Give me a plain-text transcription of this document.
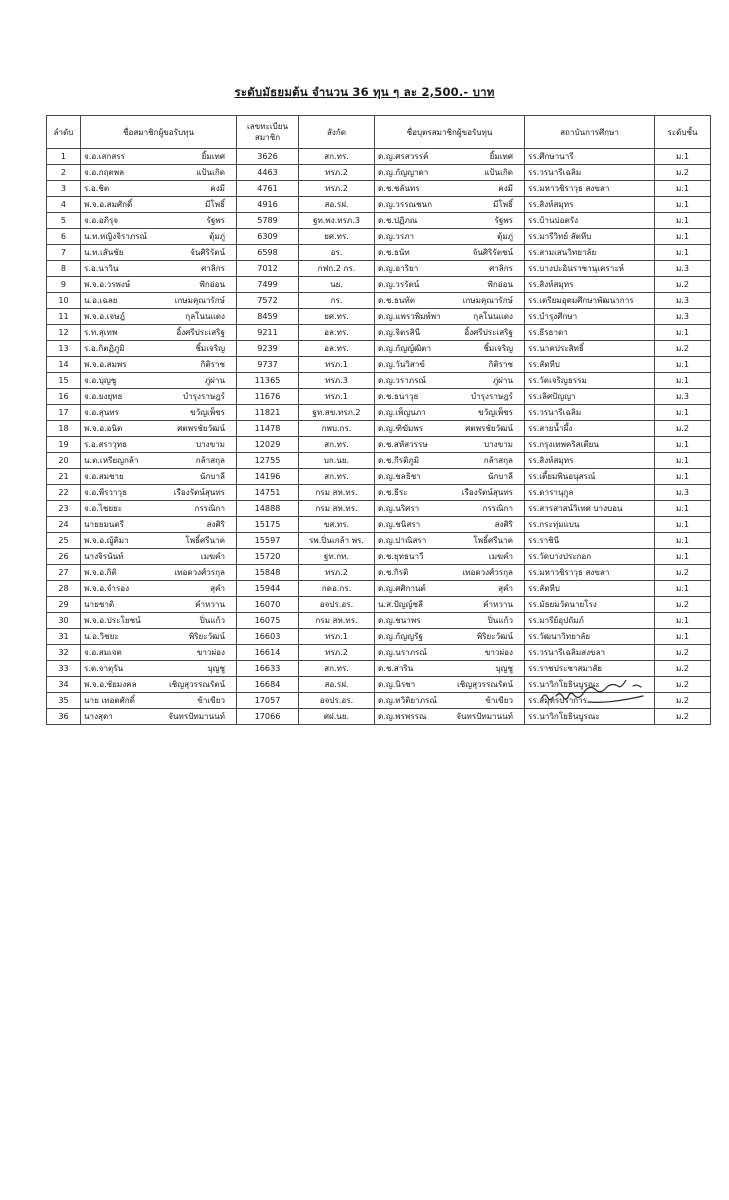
ระดับมัธยมต้น จำนวน 36 ทุน ๆ ละ 2,500.- บาท
ลำดับ	ชื่อสมาชิกผู้ขอรับทุน	เลขทะเบียนสมาชิก	สังกัด	ชื่อบุตรสมาชิกผู้ขอรับทุน	สถาบันการศึกษา	ระดับชั้น
1	จ.อ.เสกสรร ยิ้มเทศ	3626	สก.ทร.	ด.ญ.ศรสวรรค์ ยิ้มเทศ	รร.ศึกษานารี	ม.1
2	จ.อ.กฤตพล แป้นเกิด	4463	ทรภ.2	ด.ญ.กัญญาดา แป้นเกิด	รร.วรนารีเฉลิม	ม.2
3	ร.อ.ชิต คงมี	4761	ทรภ.2	ด.ช.ชลันทร คงมี	รร.มหาวชิราวุธ สงขลา	ม.1
4	พ.จ.อ.สมศักดิ์ มีโพธิ์	4916	สอ.รฝ.	ด.ญ.วรรณชนก มีโพธิ์	รร.สิงห์สมุทร	ม.1
5	จ.อ.อภิรุจ รัฐพร	5789	ฐท.พง.ทรภ.3	ด.ช.ปฏิภณ รัฐพร	รร.บ้านบ่อตรัง	ม.1
6	น.ท.หญิงจิราภรณ์ ตุ้มภู่	6309	ยศ.ทร.	ด.ญ.วรภา ตุ้มภู่	รร.มารีวิทย์ สัตหีบ	ม.1
7	น.ท.เสันชัย จันศิริรัตน์	6598	อร.	ด.ช.ธนัท จันศิริรัตชน์	รร.สามเสนวิทยาลัย	ม.1
8	ร.อ.นาวิน ศาลิกร	7012	กฟก.2 กร.	ด.ญ.อาริยา ศาลิกร	รร.บางปะอินราชานุเคราะห์	ม.3
9	พ.จ.อ.วรพงษ์ ฟักอ่อน	7499	นย.	ด.ญ.วรรัตน์ ฟักอ่อน	รร.สิงห์สมุทร	ม.2
10	น.อ.เฉลย เกษมคุณารักษ์	7572	กร.	ด.ช.ธนทัต เกษมคุณารักษ์	รร.เตรียมอุดมศึกษาพัฒนาการ	ม.3
11	พ.จ.อ.เจษฎ์ กุลโนนแดง	8459	ยศ.ทร.	ด.ญ.แพรวพิมพ์พา กุลโนนแดง	รร.บำรุงศึกษา	ม.3
12	ร.ท.สุเทพ อิ้งศรีประเสริฐ	9211	อล.ทร.	ด.ญ.จิตรสินี อิ้งศรีประเสริฐ	รร.ธีรธาดา	ม.1
13	ร.อ.กิตฏิภูมิ ชิ้มเจริญ	9239	อล.ทร.	ด.ญ.กัญญ์ฒิตา ชิ้มเจริญ	รร.นาคประสิทธิ์	ม.2
14	พ.จ.อ.สมพร กิติราช	9737	ทรภ.1	ด.ญ.วันวิสาข์ กิติราช	รร.สัตหีบ	ม.1
15	จ.อ.บุญชู ภู่ผ่าน	11365	ทรภ.3	ด.ญ.วราภรณ์ ภู่ผ่าน	รร.วัดเจริญธรรม	ม.1
16	จ.อ.ยงยุทธ บำรุงราษฎร์	11676	ทรภ.1	ด.ช.ธนาวุธ บำรุงราษฎร์	รร.เลิศปัญญา	ม.3
17	จ.อ.สุนทร ขวัญเพ็ชร	11821	ฐท.สข.ทรภ.2	ด.ญ.เพ็ญนภา ขวัญเพ็ชร	รร.วรนารีเฉลิม	ม.1
18	พ.จ.อ.อนิต ศตพรชัยวัฒน์	11478	กพบ.กร.	ด.ญ.ฑิฆัมพร ศตพรชัยวัฒน์	รร.สายน้ำผึ้ง	ม.2
19	ร.อ.สราวุทธ บางขาม	12029	สก.ทร.	ด.ช.สหัสวรรษ บางขาม	รร.กรุงเทพคริสเตียน	ม.1
20	น.ต.เหรียญกล้า กล้าสกุล	12755	บก.นย.	ด.ช.กีรติภูมิ กล้าสกุล	รร.สิงห์สมุทร	ม.1
21	จ.อ.สมชาย นักบาลี	14196	สก.ทร.	ด.ญ.ชลธิชา นักบาลี	รร.เตี้ยมพินอนุสรณ์	ม.1
22	จ.อ.พีรวาวุธ เรืองรัตน์สุนทร	14751	กรม สห.ทร.	ด.ช.ธีระ เรืองรัตน์สุนทร	รร.ดารานุกูล	ม.3
23	จ.อ.ไชยยะ กรรณิกา	14888	กรม สห.ทร.	ด.ญ.นริศรา กรรณิกา	รร.สารสาสน์วิเทศ บางบอน	ม.1
24	นายยมนตรี สงศิริ	15175	ขส.ทร.	ด.ญ.ชนิสรา สงศิริ	รร.กระทุ่มแบน	ม.1
25	พ.จ.อ.ญู้ติมา โพธิ์ศรีนาค	15597	รพ.ปิ่นเกล้า พร.	ด.ญ.ปาณิสรา โพธิ์ศรีนาค	รร.ราชินี	ม.1
26	นางจิรนันท์ เมฆคำ	15720	ฐท.กท.	ด.ช.ยุทธนาวี เมฆคำ	รร.วัดบางประกอก	ม.1
27	พ.จ.อ.กิติ เทอดวงศ์วรกุล	15848	ทรภ.2	ด.ช.กิรติ เทอดวงศ์วรกุล	รร.มหาวชิราวุธ สงขลา	ม.2
28	พ.จ.อ.จำรอง สุคำ	15944	กตอ.กร.	ด.ญ.ศศิกานต์ สุคำ	รร.สัตหีบ	ม.1
29	นายชาติ คำหวาน	16070	อจปร.อร.	น.ส.ปัญญ์ชลี คำหวาน	รร.มัธยมวัดนายโรง	ม.2
30	พ.จ.อ.ประโยชน์ ปิ่นแก้ว	16075	กรม สห.ทร.	ด.ญ.ชนาพร ปิ่นแก้ว	รร.มารีย์อุปถัมภ์	ม.1
31	น.อ.วิชยะ พิริยะวัฒน์	16603	ทรภ.1	ด.ญ.กัญญรัฐ พิริยะวัฒน์	รร.วัฒนาวิทยาลัย	ม.1
32	จ.อ.สมเจต ขาวผ่อง	16614	ทรภ.2	ด.ญ.นราภรณ์ ขาวผ่อง	รร.วรนารีเฉลิมสงขลา	ม.2
33	ร.ต.จาตุรัน บุญชู	16633	สก.ทร.	ด.ช.สาริน บุญชู	รร.ราชประชาสมาสัย	ม.2
34	พ.จ.อ.ชัยมงคล เชิญสุวรรณรัตน์	16684	สอ.รฝ.	ด.ญ.นิรชา เชิญสุวรรณรัตน์	รร.นาวิกโยธินบูรณะ	ม.2
35	นาย เทอดศักดิ์ ข้าเขียว	17057	อจปร.อร.	ด.ญ.ทวิติยาภรณ์ ข้าเขียว	รร.สมุทรปราการ	ม.2
36	นางสุดา จันทรปัทมานนท์	17066	ศฝ.นย.	ด.ญ.พรพรรณ จันทรปัทมานนท์	รร.นาวิกโยธินบูรณะ	ม.2
